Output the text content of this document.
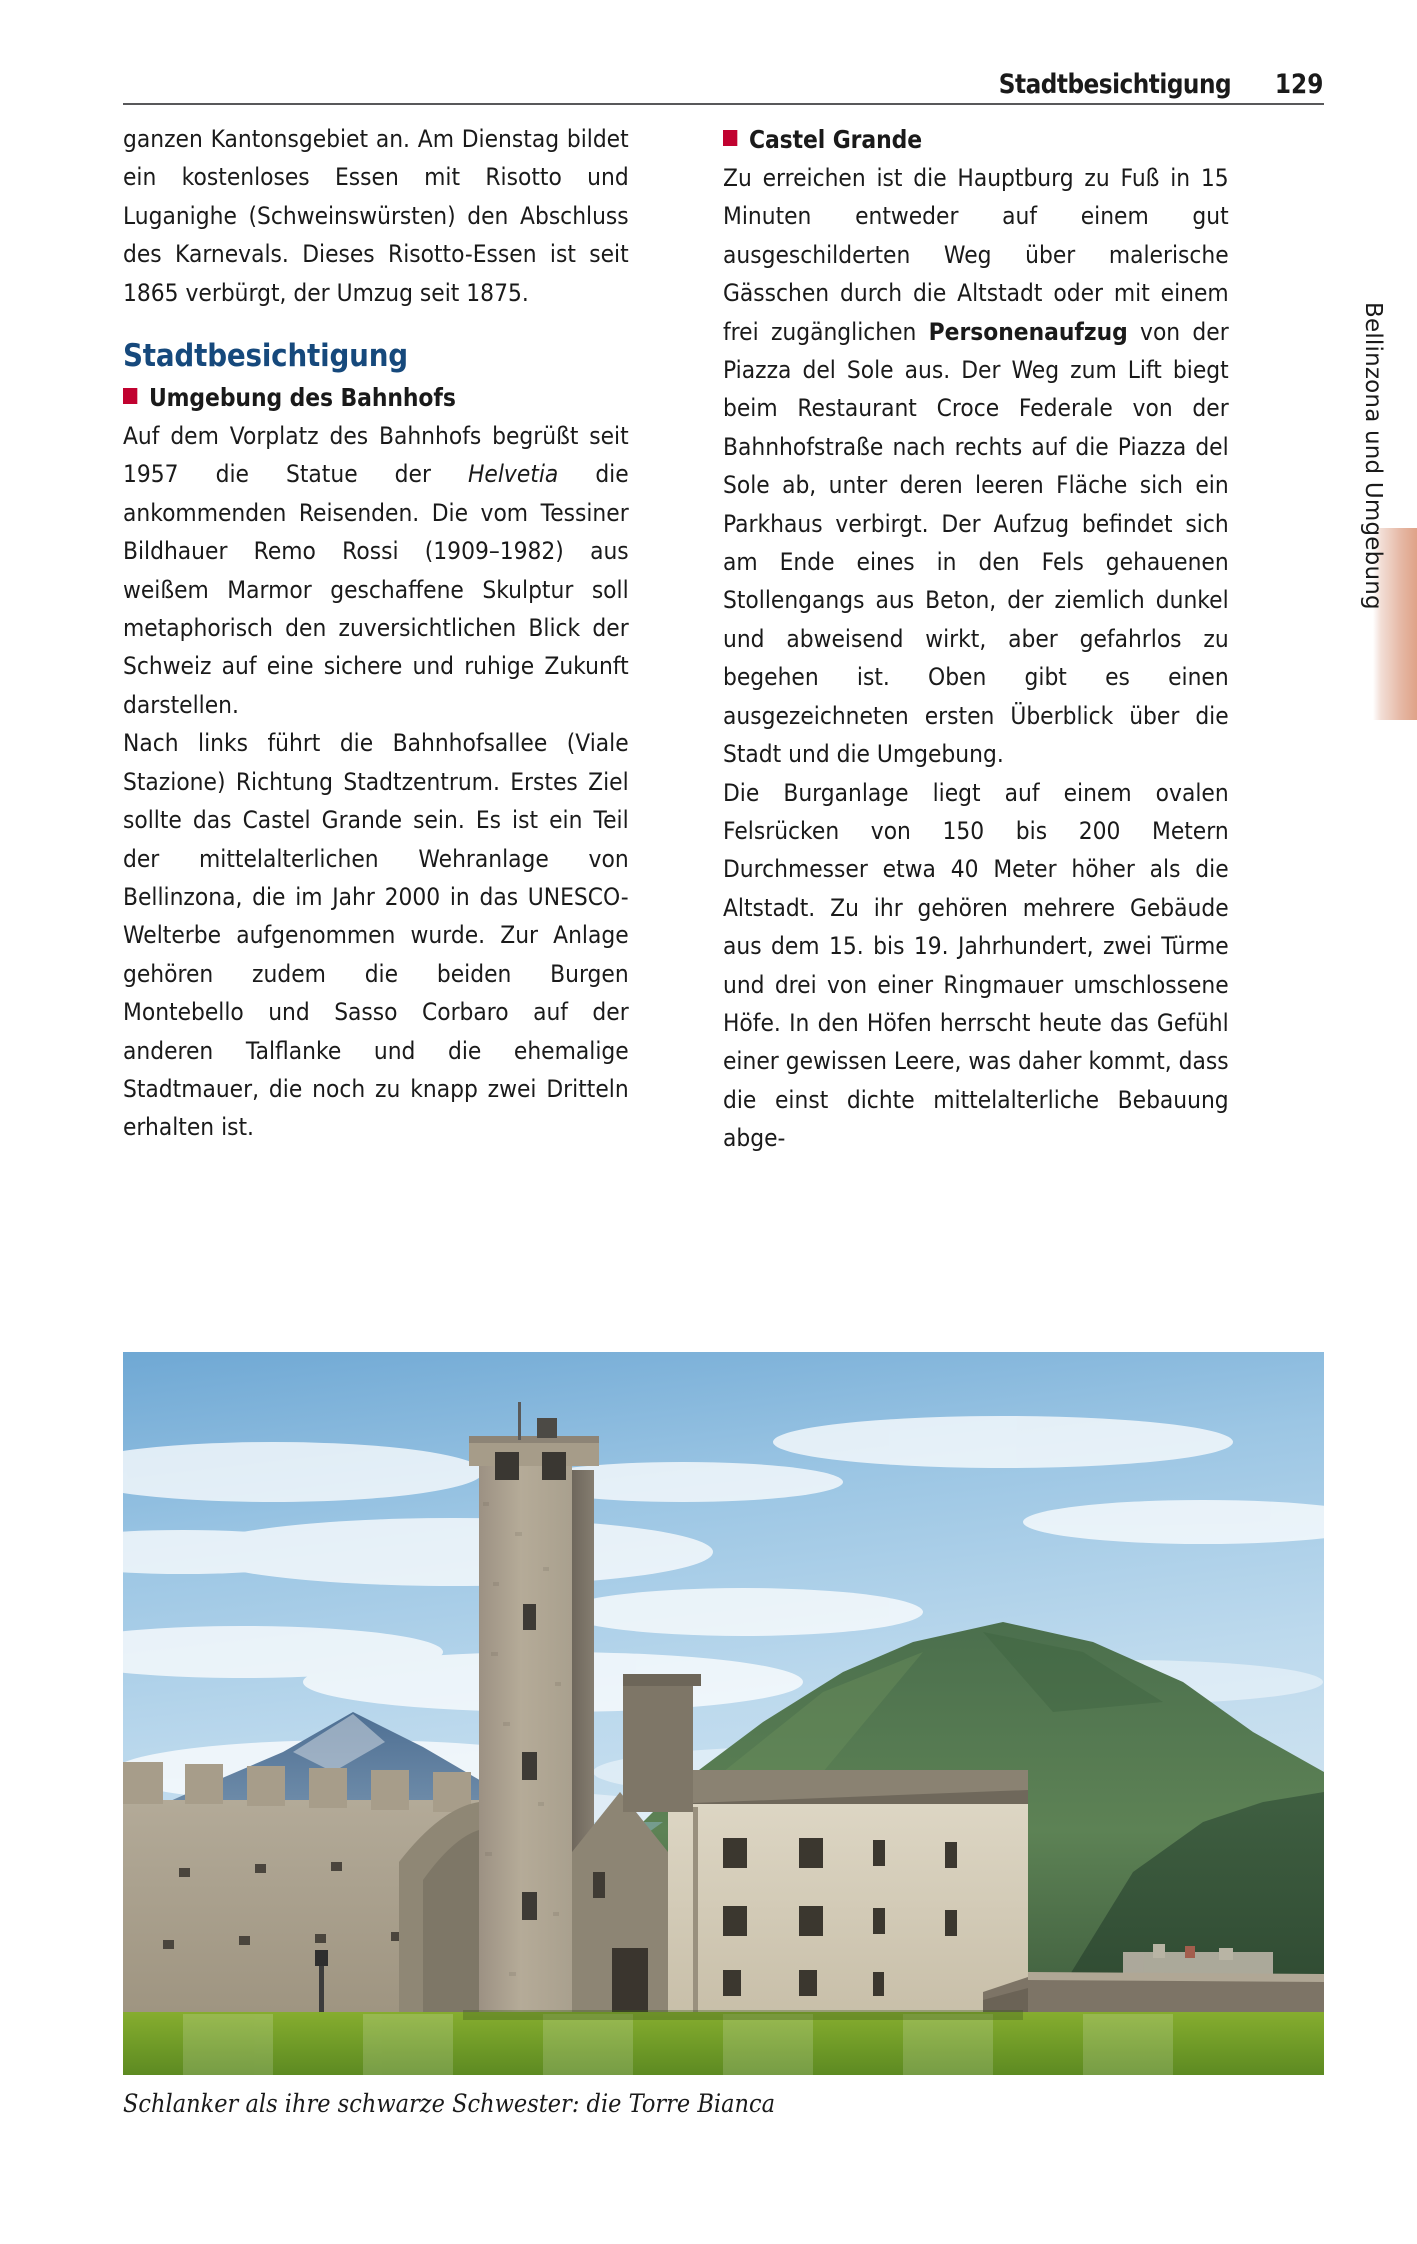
Stadtbesichtigung 129

ganzen Kantonsgebiet an. Am Dienstag bildet ein kostenloses Essen mit Risotto und Luganighe (Schweinswürsten) den Abschluss des Karnevals. Dieses Risotto-Essen ist seit 1865 verbürgt, der Umzug seit 1875.

Stadtbesichtigung
Umgebung des Bahnhofs

Auf dem Vorplatz des Bahnhofs begrüßt seit 1957 die Statue der Helvetia die ankommenden Reisenden. Die vom Tessiner Bildhauer Remo Rossi (1909–1982) aus weißem Marmor geschaffene Skulptur soll metaphorisch den zuversichtlichen Blick der Schweiz auf eine sichere und ruhige Zukunft darstellen.

Nach links führt die Bahnhofsallee (Viale Stazione) Richtung Stadtzentrum. Erstes Ziel sollte das Castel Grande sein. Es ist ein Teil der mittelalterlichen Wehranlage von Bellinzona, die im Jahr 2000 in das UNESCO-Welterbe aufgenommen wurde. Zur Anlage gehören zudem die beiden Burgen Montebello und Sasso Corbaro auf der anderen Talflanke und die ehemalige Stadtmauer, die noch zu knapp zwei Dritteln erhalten ist.

Castel Grande

Zu erreichen ist die Hauptburg zu Fuß in 15 Minuten entweder auf einem gut ausgeschilderten Weg über malerische Gässchen durch die Altstadt oder mit einem frei zugänglichen Personenaufzug von der Piazza del Sole aus. Der Weg zum Lift biegt beim Restaurant Croce Federale von der Bahnhofstraße nach rechts auf die Piazza del Sole ab, unter deren leeren Fläche sich ein Parkhaus verbirgt. Der Aufzug befindet sich am Ende eines in den Fels gehauenen Stollengangs aus Beton, der ziemlich dunkel und abweisend wirkt, aber gefahrlos zu begehen ist. Oben gibt es einen ausgezeichneten ersten Überblick über die Stadt und die Umgebung.

Die Burganlage liegt auf einem ovalen Felsrücken von 150 bis 200 Metern Durchmesser etwa 40 Meter höher als die Altstadt. Zu ihr gehören mehrere Gebäude aus dem 15. bis 19. Jahrhundert, zwei Türme und drei von einer Ringmauer umschlossene Höfe. In den Höfen herrscht heute das Gefühl einer gewissen Leere, was daher kommt, dass die einst dichte mittelalterliche Bebauung abge-

Bellinzona und Umgebung
Schlanker als ihre schwarze Schwester: die Torre Bianca
